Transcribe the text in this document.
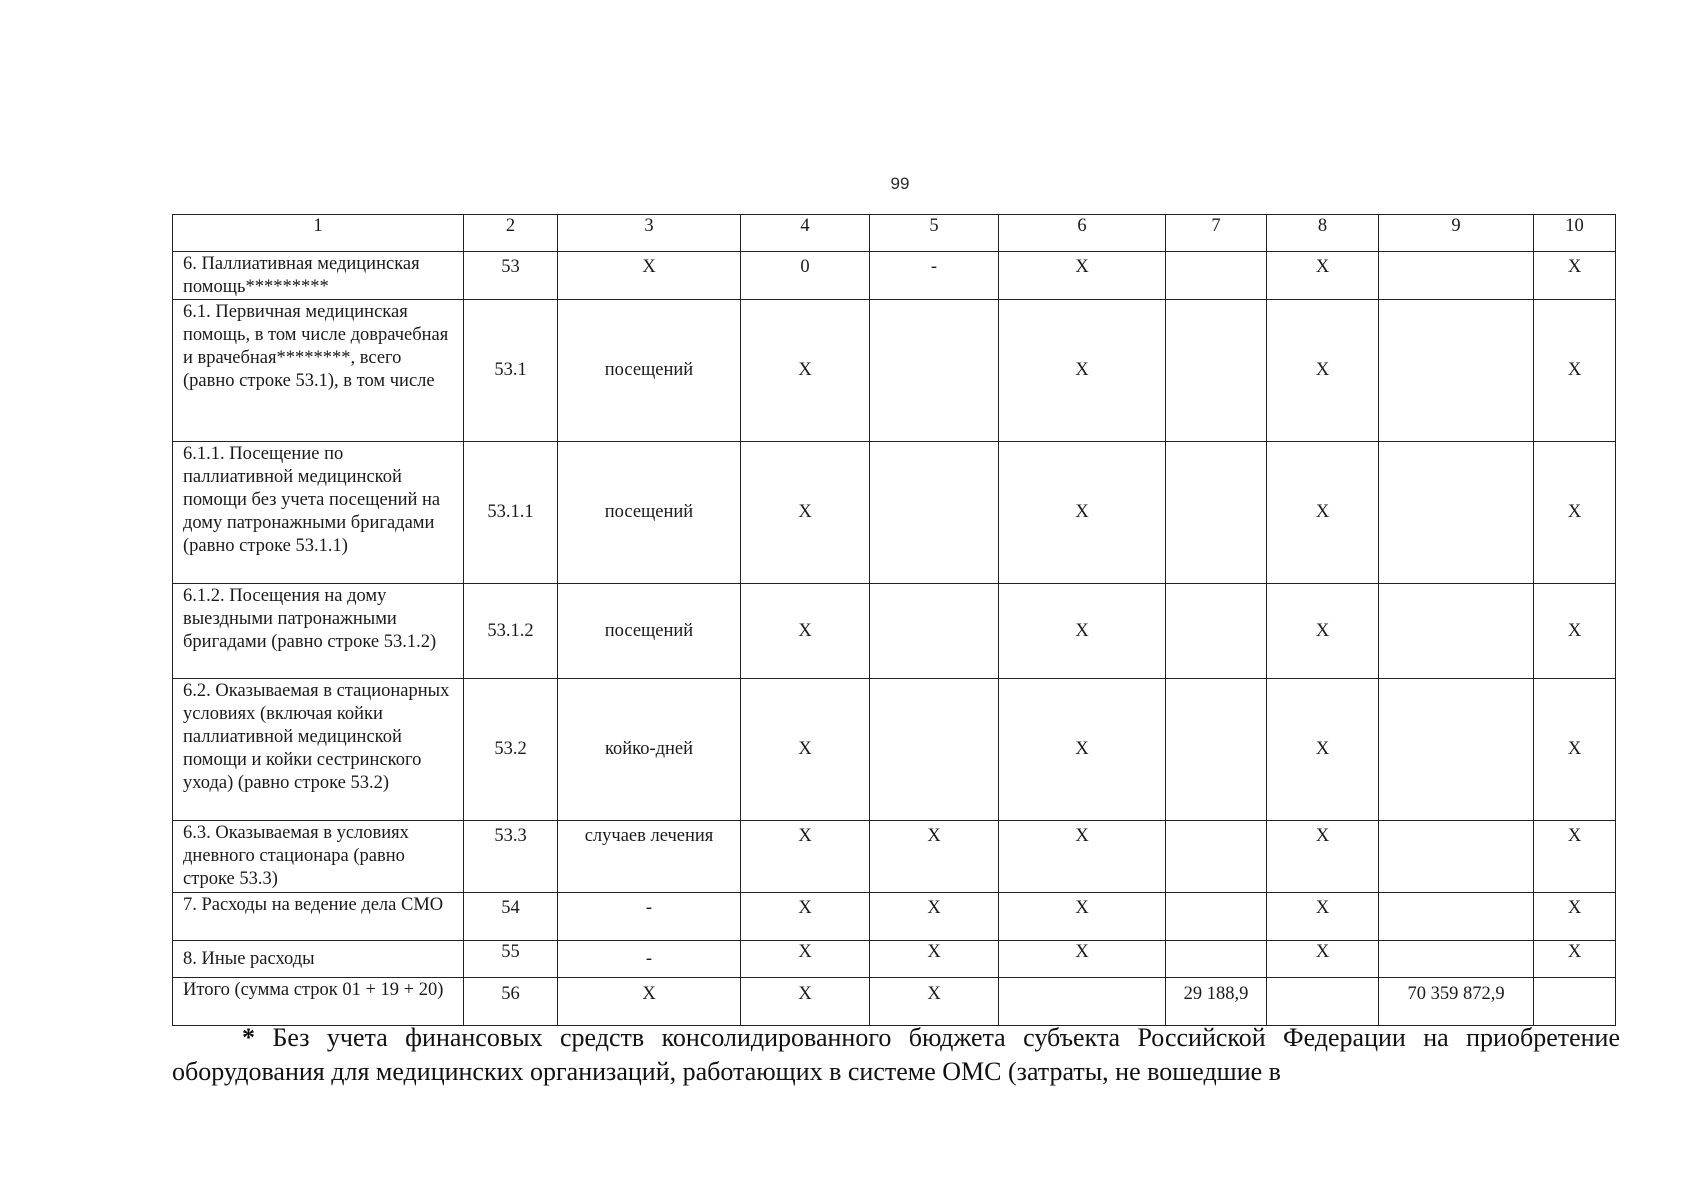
99
1	2	3	4	5	6	7	8	9	10
6. Паллиативная медицинская помощь*********	53	Х	0	-	Х		Х		Х
6.1. Первичная медицинская помощь, в том числе доврачебная и врачебная********, всего (равно строке 53.1), в том числе	53.1	посещений	Х		Х		Х		Х
6.1.1. Посещение по паллиативной медицинской помощи без учета посещений на дому патронажными бригадами (равно строке 53.1.1)	53.1.1	посещений	Х		Х		Х		Х
6.1.2. Посещения на дому выездными патронажными бригадами (равно строке 53.1.2)	53.1.2	посещений	Х		Х		Х		Х
6.2. Оказываемая в стационарных условиях (включая койки паллиативной медицинской помощи и койки сестринского ухода) (равно строке 53.2)	53.2	койко-дней	Х		Х		Х		Х
6.3. Оказываемая в условиях дневного стационара (равно строке 53.3)	53.3	случаев лечения	Х	Х	Х		Х		Х
7. Расходы на ведение дела СМО	54	-	Х	Х	Х		Х		Х
8. Иные расходы	55	-	Х	Х	Х		Х		Х
Итого (сумма строк 01 + 19 + 20)	56	Х	Х	Х		29 188,9		70 359 872,9	
* Без учета финансовых средств консолидированного бюджета субъекта Российской Федерации на приобретение оборудования для медицинских организаций, работающих в системе ОМС (затраты, не вошедшие в
